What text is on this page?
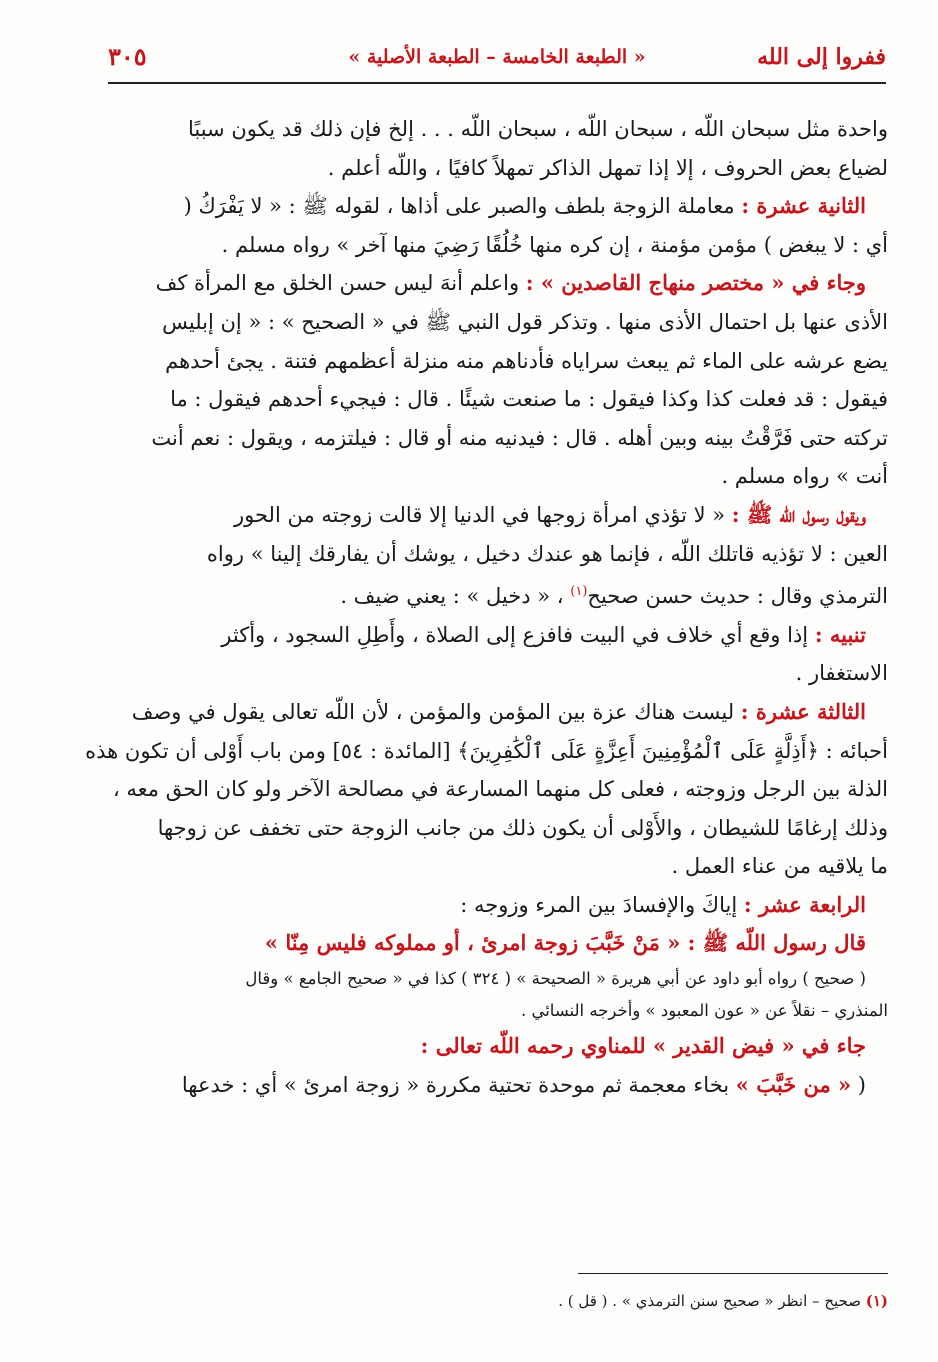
ففروا إلى الله
« الطبعة الخامسة – الطبعة الأصلية »
٣٠٥

واحدة مثل سبحان اللّه ، سبحان اللّه ، سبحان اللّه . . . إلخ فإن ذلك قد يكون سببًا

لضياع بعض الحروف ، إلا إذا تمهل الذاكر تمهلاً كافيًا ، واللّه أعلم .

الثانية عشرة : معاملة الزوجة بلطف والصبر على أذاها ، لقوله ﷺ : « لا يَفْرَكُ (

أي : لا يبغض ) مؤمن مؤمنة ، إن كره منها خُلُقًا رَضِيَ منها آخر » رواه مسلم .

وجاء في « مختصر منهاج القاصدين » : واعلم أنهَ ليس حسن الخلق مع المرأة كف

الأذى عنها بل احتمال الأذى منها . وتذكر قول النبي ﷺ في « الصحيح » : « إن إبليس

يضع عرشه على الماء ثم يبعث سراياه فأدناهم منه منزلة أعظمهم فتنة . يجئ أحدهم

فيقول : قد فعلت كذا وكذا فيقول : ما صنعت شيئًا . قال : فيجيء أحدهم فيقول : ما

تركته حتى فَرَّقْتُ بينه وبين أهله . قال : فيدنيه منه أو قال : فيلتزمه ، ويقول : نعم أنت

أنت » رواه مسلم .

ويقول رسول اللّه ﷺ : « لا تؤذي امرأة زوجها في الدنيا إلا قالت زوجته من الحور

العين : لا تؤذيه قاتلك اللّه ، فإنما هو عندك دخيل ، يوشك أن يفارقك إلينا » رواه

الترمذي وقال : حديث حسن صحيح$^{(١)}$ ، « دخيل » : يعني ضيف .

تنبيه : إذا وقع أي خلاف في البيت فافزع إلى الصلاة ، وأَطِلِ السجود ، وأكثر

الاستغفار .

الثالثة عشرة : ليست هناك عزة بين المؤمن والمؤمن ، لأن اللّه تعالى يقول في وصف

أحبائه : ﴿أَذِلَّةٍ عَلَى ٱلْمُؤْمِنِينَ أَعِزَّةٍ عَلَى ٱلْكَٰفِرِينَ﴾ [المائدة : ٥٤] ومن باب أَوْلى أن تكون هذه

الذلة بين الرجل وزوجته ، فعلى كل منهما المسارعة في مصالحة الآخر ولو كان الحق معه ،

وذلك إرغامًا للشيطان ، والأَوْلى أن يكون ذلك من جانب الزوجة حتى تخفف عن زوجها

ما يلاقيه من عناء العمل .

الرابعة عشر : إياكَ والإفسادَ بين المرء وزوجه :

قال رسول اللّه ﷺ : « مَنْ خَبَّبَ زوجة امرئ ، أو مملوكه فليس مِنّا »

( صحيح ) رواه أبو داود عن أبي هريرة « الصحيحة » ( ٣٢٤ ) كذا في « صحيح الجامع » وقال

المنذري – نقلاً عن « عون المعبود » وأخرجه النسائي .

جاء في « فيض القدير » للمناوي رحمه اللّه تعالى :

( « من خَبَّبَ » بخاء معجمة ثم موحدة تحتية مكررة « زوجة امرئ » أي : خدعها

(١) صحيح – انظر « صحيح سنن الترمذي » . ( قل ) .
